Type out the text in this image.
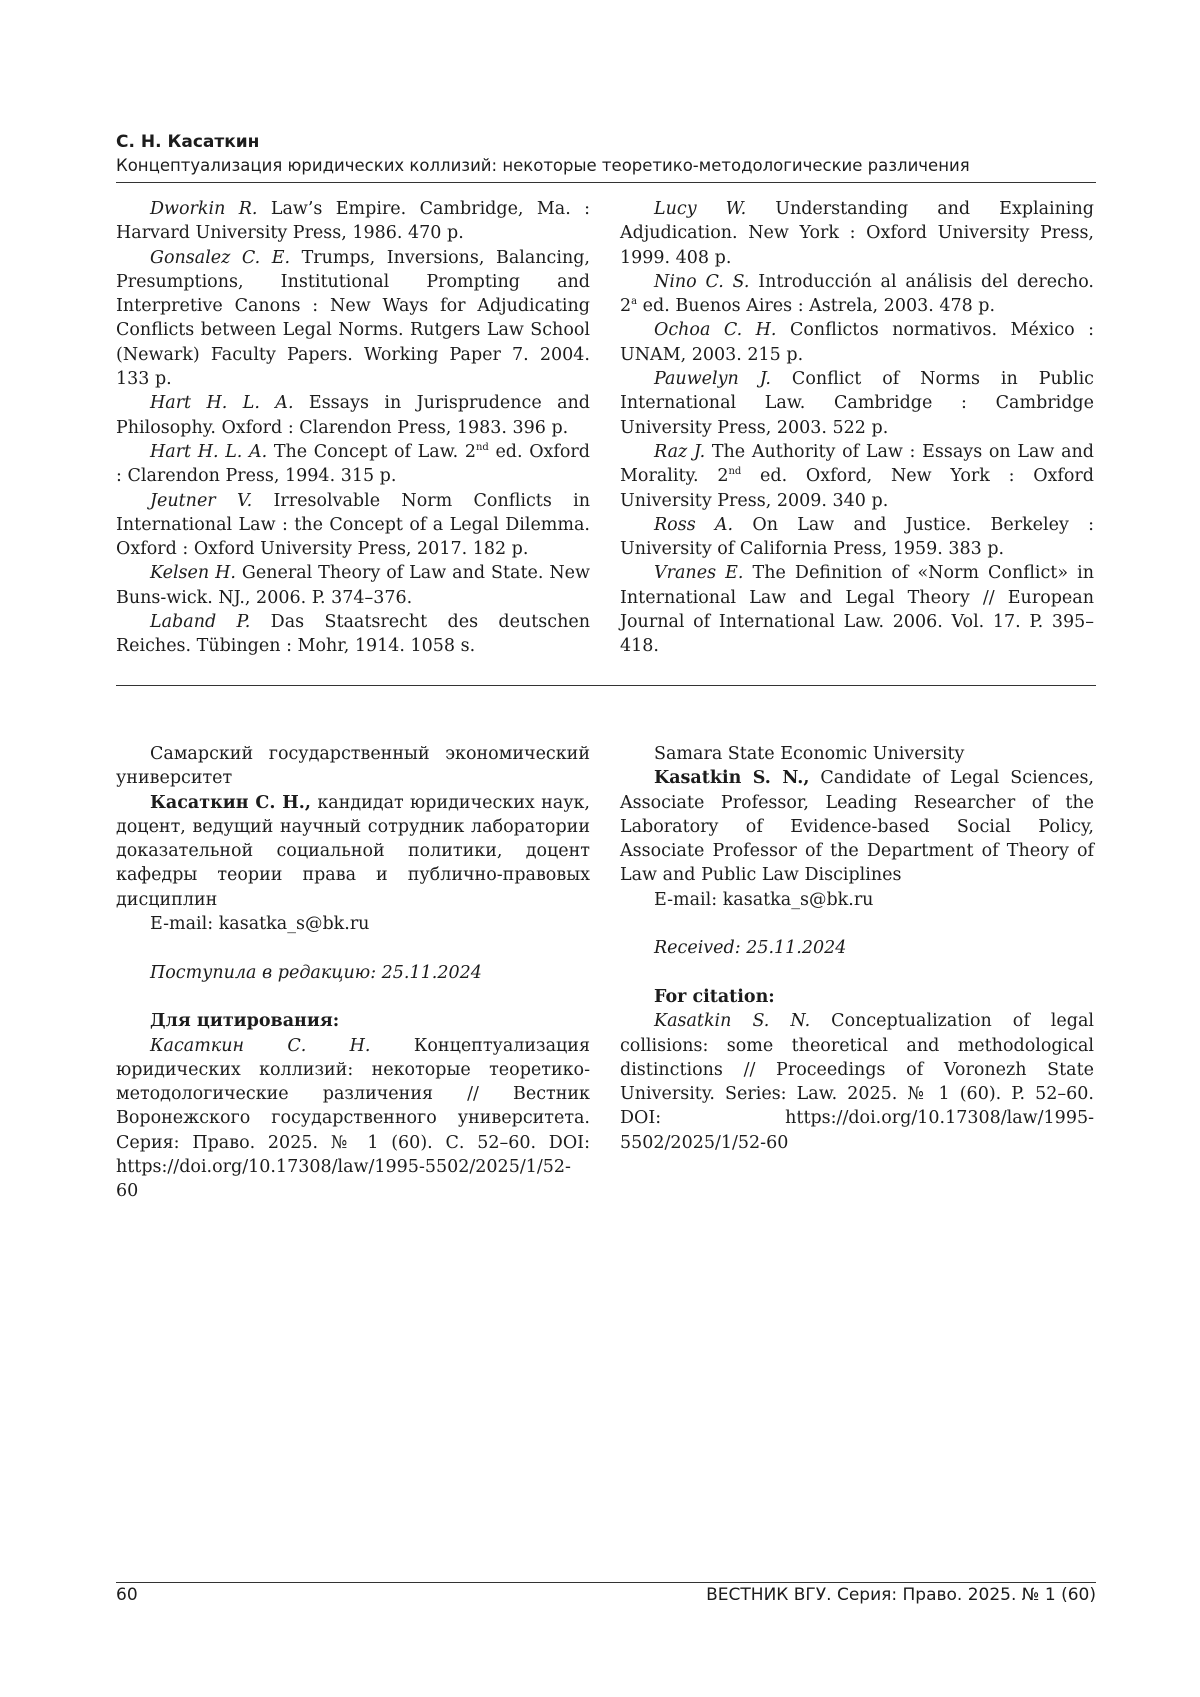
С. Н. Касаткин
Концептуализация юридических коллизий: некоторые теоретико-методологические различения

Dworkin R. Law’s Empire. Cambridge, Ma. : Harvard University Press, 1986. 470 p.

Gonsalez C. E. Trumps, Inversions, Balancing, Presumptions, Institutional Prompting and Interpretive Canons : New Ways for Adjudicating Conflicts between Legal Norms. Rutgers Law School (Newark) Faculty Papers. Working Paper 7. 2004. 133 p.

Hart H. L. A. Essays in Jurisprudence and Philosophy. Oxford : Clarendon Press, 1983. 396 p.

Hart H. L. A. The Concept of Law. 2nd ed. Oxford : Clarendon Press, 1994. 315 p.

Jeutner V. Irresolvable Norm Conflicts in International Law : the Concept of a Legal Dilemma. Oxford : Oxford University Press, 2017. 182 p.

Kelsen H. General Theory of Law and State. New Buns-wick. NJ., 2006. P. 374–376.

Laband P. Das Staatsrecht des deutschen Reiches. Tübingen : Mohr, 1914. 1058 s.

Lucy W. Understanding and Explaining Adjudication. New York : Oxford University Press, 1999. 408 p.

Nino C. S. Introducción al análisis del derecho. 2$^a$ ed. Buenos Aires : Astrela, 2003. 478 p.

Ochoa C. H. Conflictos normativos. México : UNAM, 2003. 215 p.

Pauwelyn J. Conflict of Norms in Public International Law. Cambridge : Cambridge University Press, 2003. 522 p.

Raz J. The Authority of Law : Essays on Law and Morality. 2nd ed. Oxford, New York : Oxford University Press, 2009. 340 p.

Ross A. On Law and Justice. Berkeley : University of California Press, 1959. 383 p.

Vranes E. The Definition of «Norm Conflict» in International Law and Legal Theory // European Journal of International Law. 2006. Vol. 17. P. 395–418.

Самарский государственный экономический университет

Касаткин С. Н., кандидат юридических наук, доцент, ведущий научный сотрудник лаборатории доказательной социальной политики, доцент кафедры теории права и публично-правовых дисциплин

E-mail: kasatka_s@bk.ru

Поступила в редакцию: 25.11.2024

Для цитирования:

Касаткин С. Н. Концептуализация юридических коллизий: некоторые теоретико-методологические различения // Вестник Воронежского государственного университета. Серия: Право. 2025. № 1 (60). С. 52–60. DOI: https://doi.org/10.17308/law/1995-5502/2025/1/52-60

Samara State Economic University

Kasatkin S. N., Candidate of Legal Sciences, Associate Professor, Leading Researcher of the Laboratory of Evidence-based Social Policy, Associate Professor of the Department of Theory of Law and Public Law Disciplines

E-mail: kasatka_s@bk.ru

Received: 25.11.2024

For citation:

Kasatkin S. N. Conceptualization of legal collisions: some theoretical and methodological distinctions // Proceedings of Voronezh State University. Series: Law. 2025. № 1 (60). P. 52–60. DOI: https://doi.org/10.17308/law/1995-5502/2025/1/52-60

60	ВЕСТНИК ВГУ. Серия: Право. 2025. № 1 (60)
